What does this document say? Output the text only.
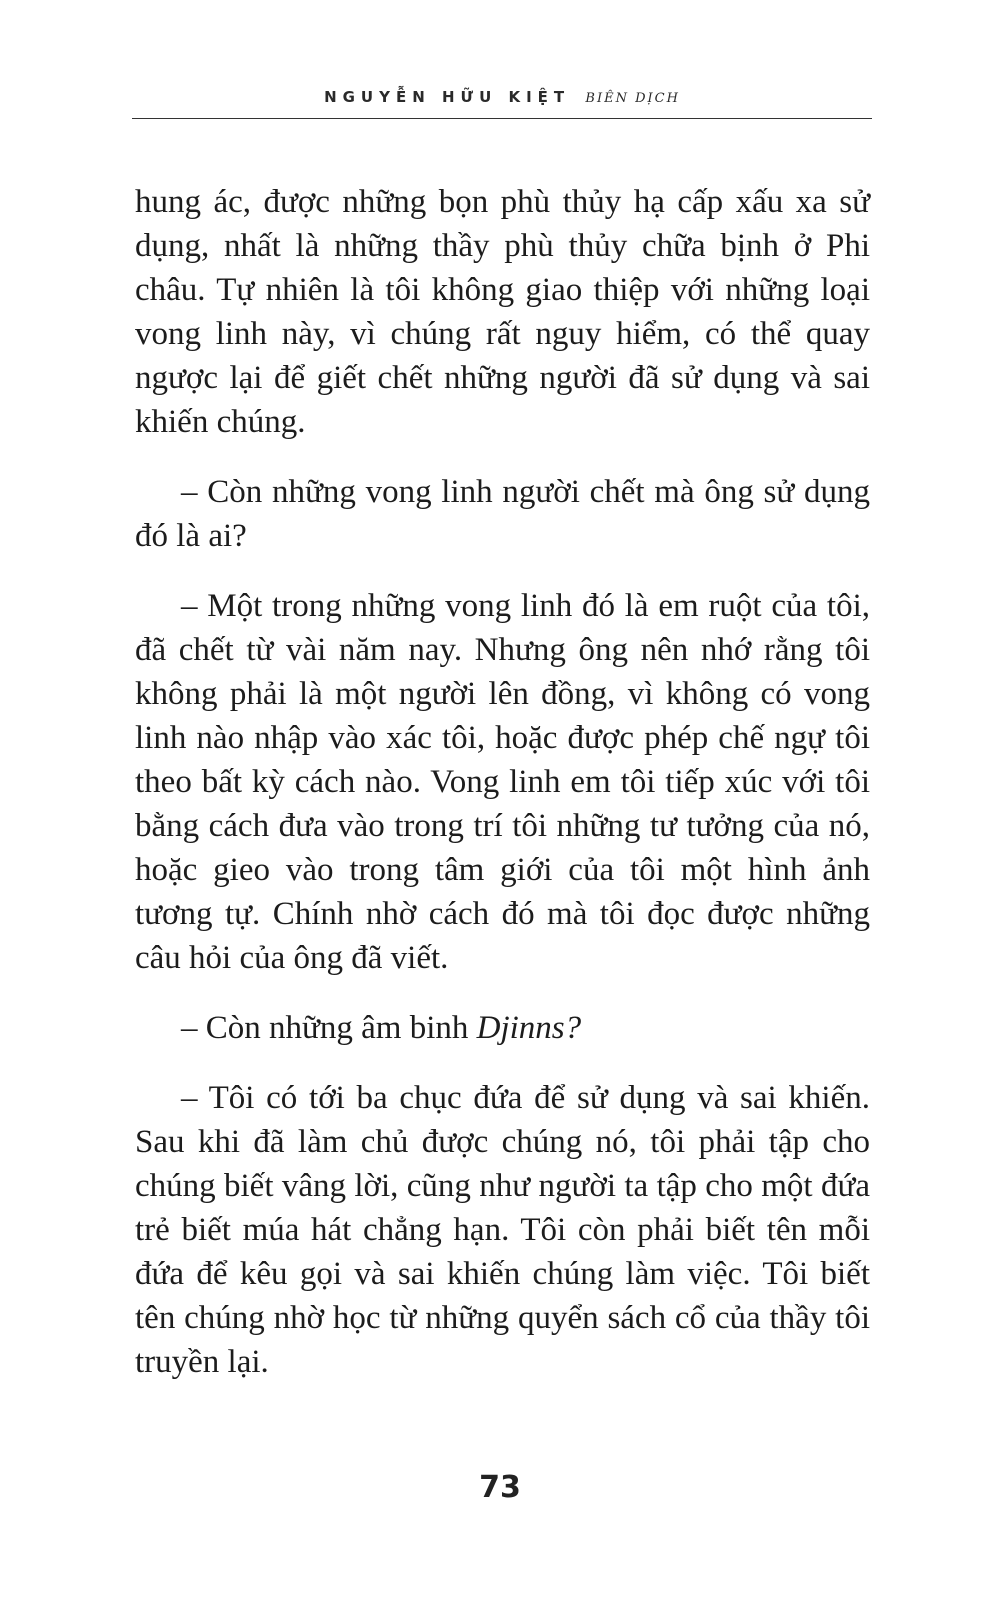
NGUYỄN HỮU KIỆT BIÊN DỊCH

hung ác, được những bọn phù thủy hạ cấp xấu xa sử dụng, nhất là những thầy phù thủy chữa bịnh ở Phi châu. Tự nhiên là tôi không giao thiệp với những loại vong linh này, vì chúng rất nguy hiểm, có thể quay ngược lại để giết chết những người đã sử dụng và sai khiến chúng.

– Còn những vong linh người chết mà ông sử dụng đó là ai?

– Một trong những vong linh đó là em ruột của tôi, đã chết từ vài năm nay. Nhưng ông nên nhớ rằng tôi không phải là một người lên đồng, vì không có vong linh nào nhập vào xác tôi, hoặc được phép chế ngự tôi theo bất kỳ cách nào. Vong linh em tôi tiếp xúc với tôi bằng cách đưa vào trong trí tôi những tư tưởng của nó, hoặc gieo vào trong tâm giới của tôi một hình ảnh tương tự. Chính nhờ cách đó mà tôi đọc được những câu hỏi của ông đã viết.

– Còn những âm binh Djinns?

– Tôi có tới ba chục đứa để sử dụng và sai khiến. Sau khi đã làm chủ được chúng nó, tôi phải tập cho chúng biết vâng lời, cũng như người ta tập cho một đứa trẻ biết múa hát chẳng hạn. Tôi còn phải biết tên mỗi đứa để kêu gọi và sai khiến chúng làm việc. Tôi biết tên chúng nhờ học từ những quyển sách cổ của thầy tôi truyền lại.

73
